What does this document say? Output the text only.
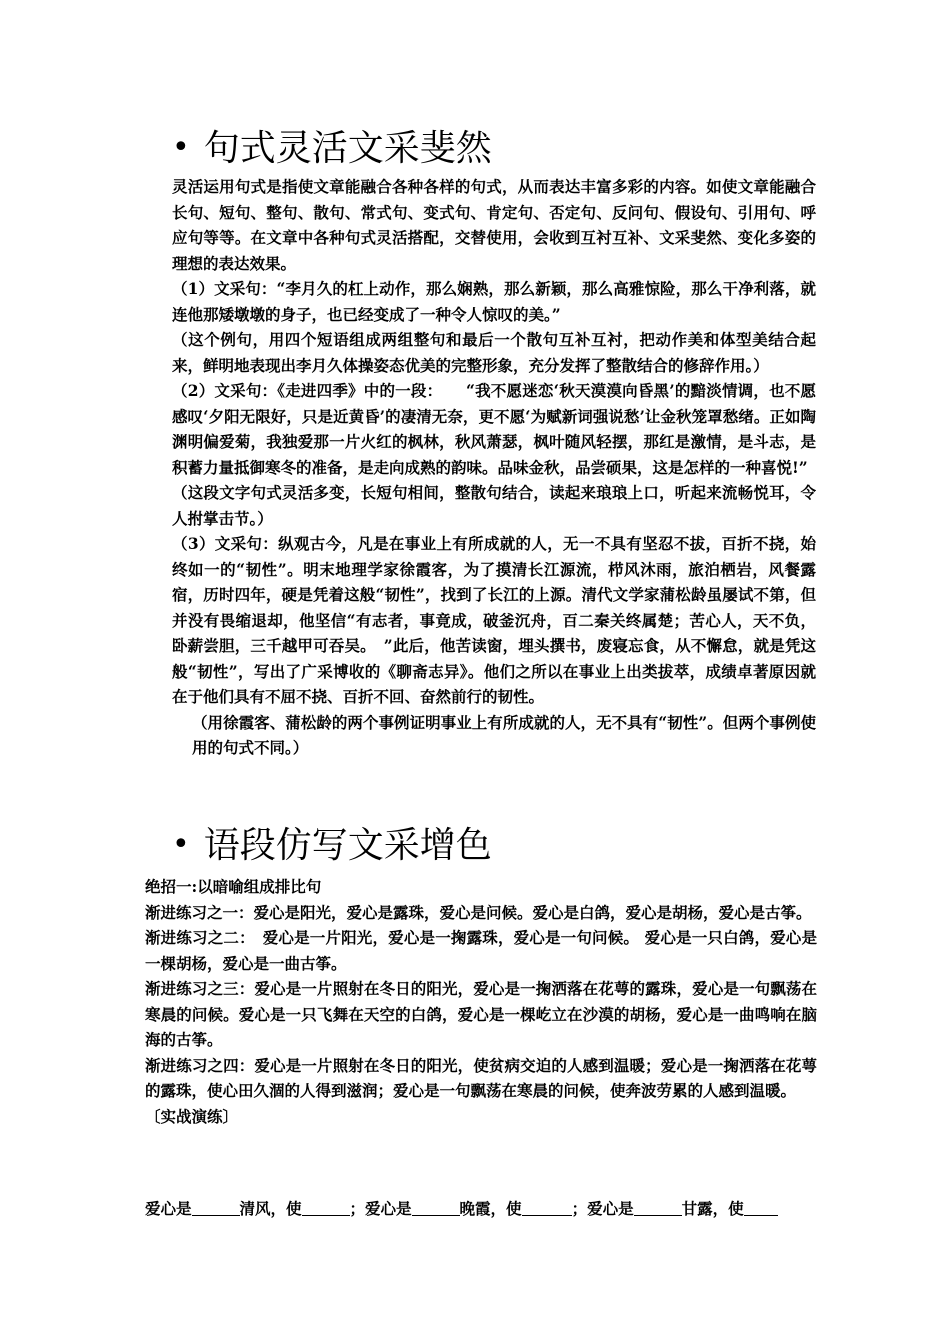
• 句式灵活文采斐然

灵活运用句式是指使文章能融合各种各样的句式，从而表达丰富多彩的内容。如使文章能融合长句、短句、整句、散句、常式句、变式句、肯定句、否定句、反问句、假设句、引用句、呼应句等等。在文章中各种句式灵活搭配，交替使用，会收到互衬互补、文采斐然、变化多姿的理想的表达效果。

（1）文采句：“李月久的杠上动作，那么娴熟，那么新颖，那么高雅惊险，那么干净利落，就连他那矮墩墩的身子，也已经变成了一种令人惊叹的美。”

（这个例句，用四个短语组成两组整句和最后一个散句互补互衬，把动作美和体型美结合起来，鲜明地表现出李月久体操姿态优美的完整形象，充分发挥了整散结合的修辞作用。）

（2）文采句：《走进四季》中的一段：　　“我不愿迷恋‘秋天漠漠向昏黑’的黯淡情调，也不愿感叹‘夕阳无限好，只是近黄昏’的凄清无奈，更不愿‘为赋新词强说愁’让金秋笼罩愁绪。正如陶渊明偏爱菊，我独爱那一片火红的枫林，秋风萧瑟，枫叶随风轻摆，那红是激情，是斗志，是积蓄力量抵御寒冬的准备，是走向成熟的韵味。品味金秋，品尝硕果，这是怎样的一种喜悦!”

（这段文字句式灵活多变，长短句相间，整散句结合，读起来琅琅上口，听起来流畅悦耳，令人拊掌击节。）

（3）文采句：纵观古今，凡是在事业上有所成就的人，无一不具有坚忍不拔，百折不挠，始终如一的“韧性”。明末地理学家徐霞客，为了摸清长江源流，栉风沐雨，旅泊栖岩，风餐露宿，历时四年，硬是凭着这般“韧性”，找到了长江的上源。清代文学家蒲松龄虽屡试不第，但并没有畏缩退却，他坚信“有志者，事竟成，破釜沉舟，百二秦关终属楚；苦心人，天不负，卧薪尝胆，三千越甲可吞吴。　”此后，他苦读窗，埋头撰书，废寝忘食，从不懈怠，就是凭这般“韧性”，写出了广采博收的《聊斋志异》。他们之所以在事业上出类拔萃，成绩卓著原因就在于他们具有不屈不挠、百折不回、奋然前行的韧性。

（用徐霞客、蒲松龄的两个事例证明事业上有所成就的人，无不具有“韧性”。但两个事例使用的句式不同。）

• 语段仿写文采增色

绝招一:以暗喻组成排比句

渐进练习之一：爱心是阳光，爱心是露珠，爱心是问候。爱心是白鸽，爱心是胡杨，爱心是古筝。

渐进练习之二：　爱心是一片阳光，爱心是一掬露珠，爱心是一句问候。 爱心是一只白鸽，爱心是一棵胡杨，爱心是一曲古筝。

渐进练习之三：爱心是一片照射在冬日的阳光，爱心是一掬洒落在花萼的露珠，爱心是一句飘荡在寒晨的问候。爱心是一只飞舞在天空的白鸽，爱心是一棵屹立在沙漠的胡杨，爱心是一曲鸣响在脑海的古筝。

渐进练习之四：爱心是一片照射在冬日的阳光，使贫病交迫的人感到温暖；爱心是一掬洒落在花萼的露珠，使心田久涸的人得到滋润；爱心是一句飘荡在寒晨的问候，使奔波劳累的人感到温暖。

〔实战演练〕

爱心是	清风，使	；爱心是	晚霞，使	；爱心是	甘露，使
